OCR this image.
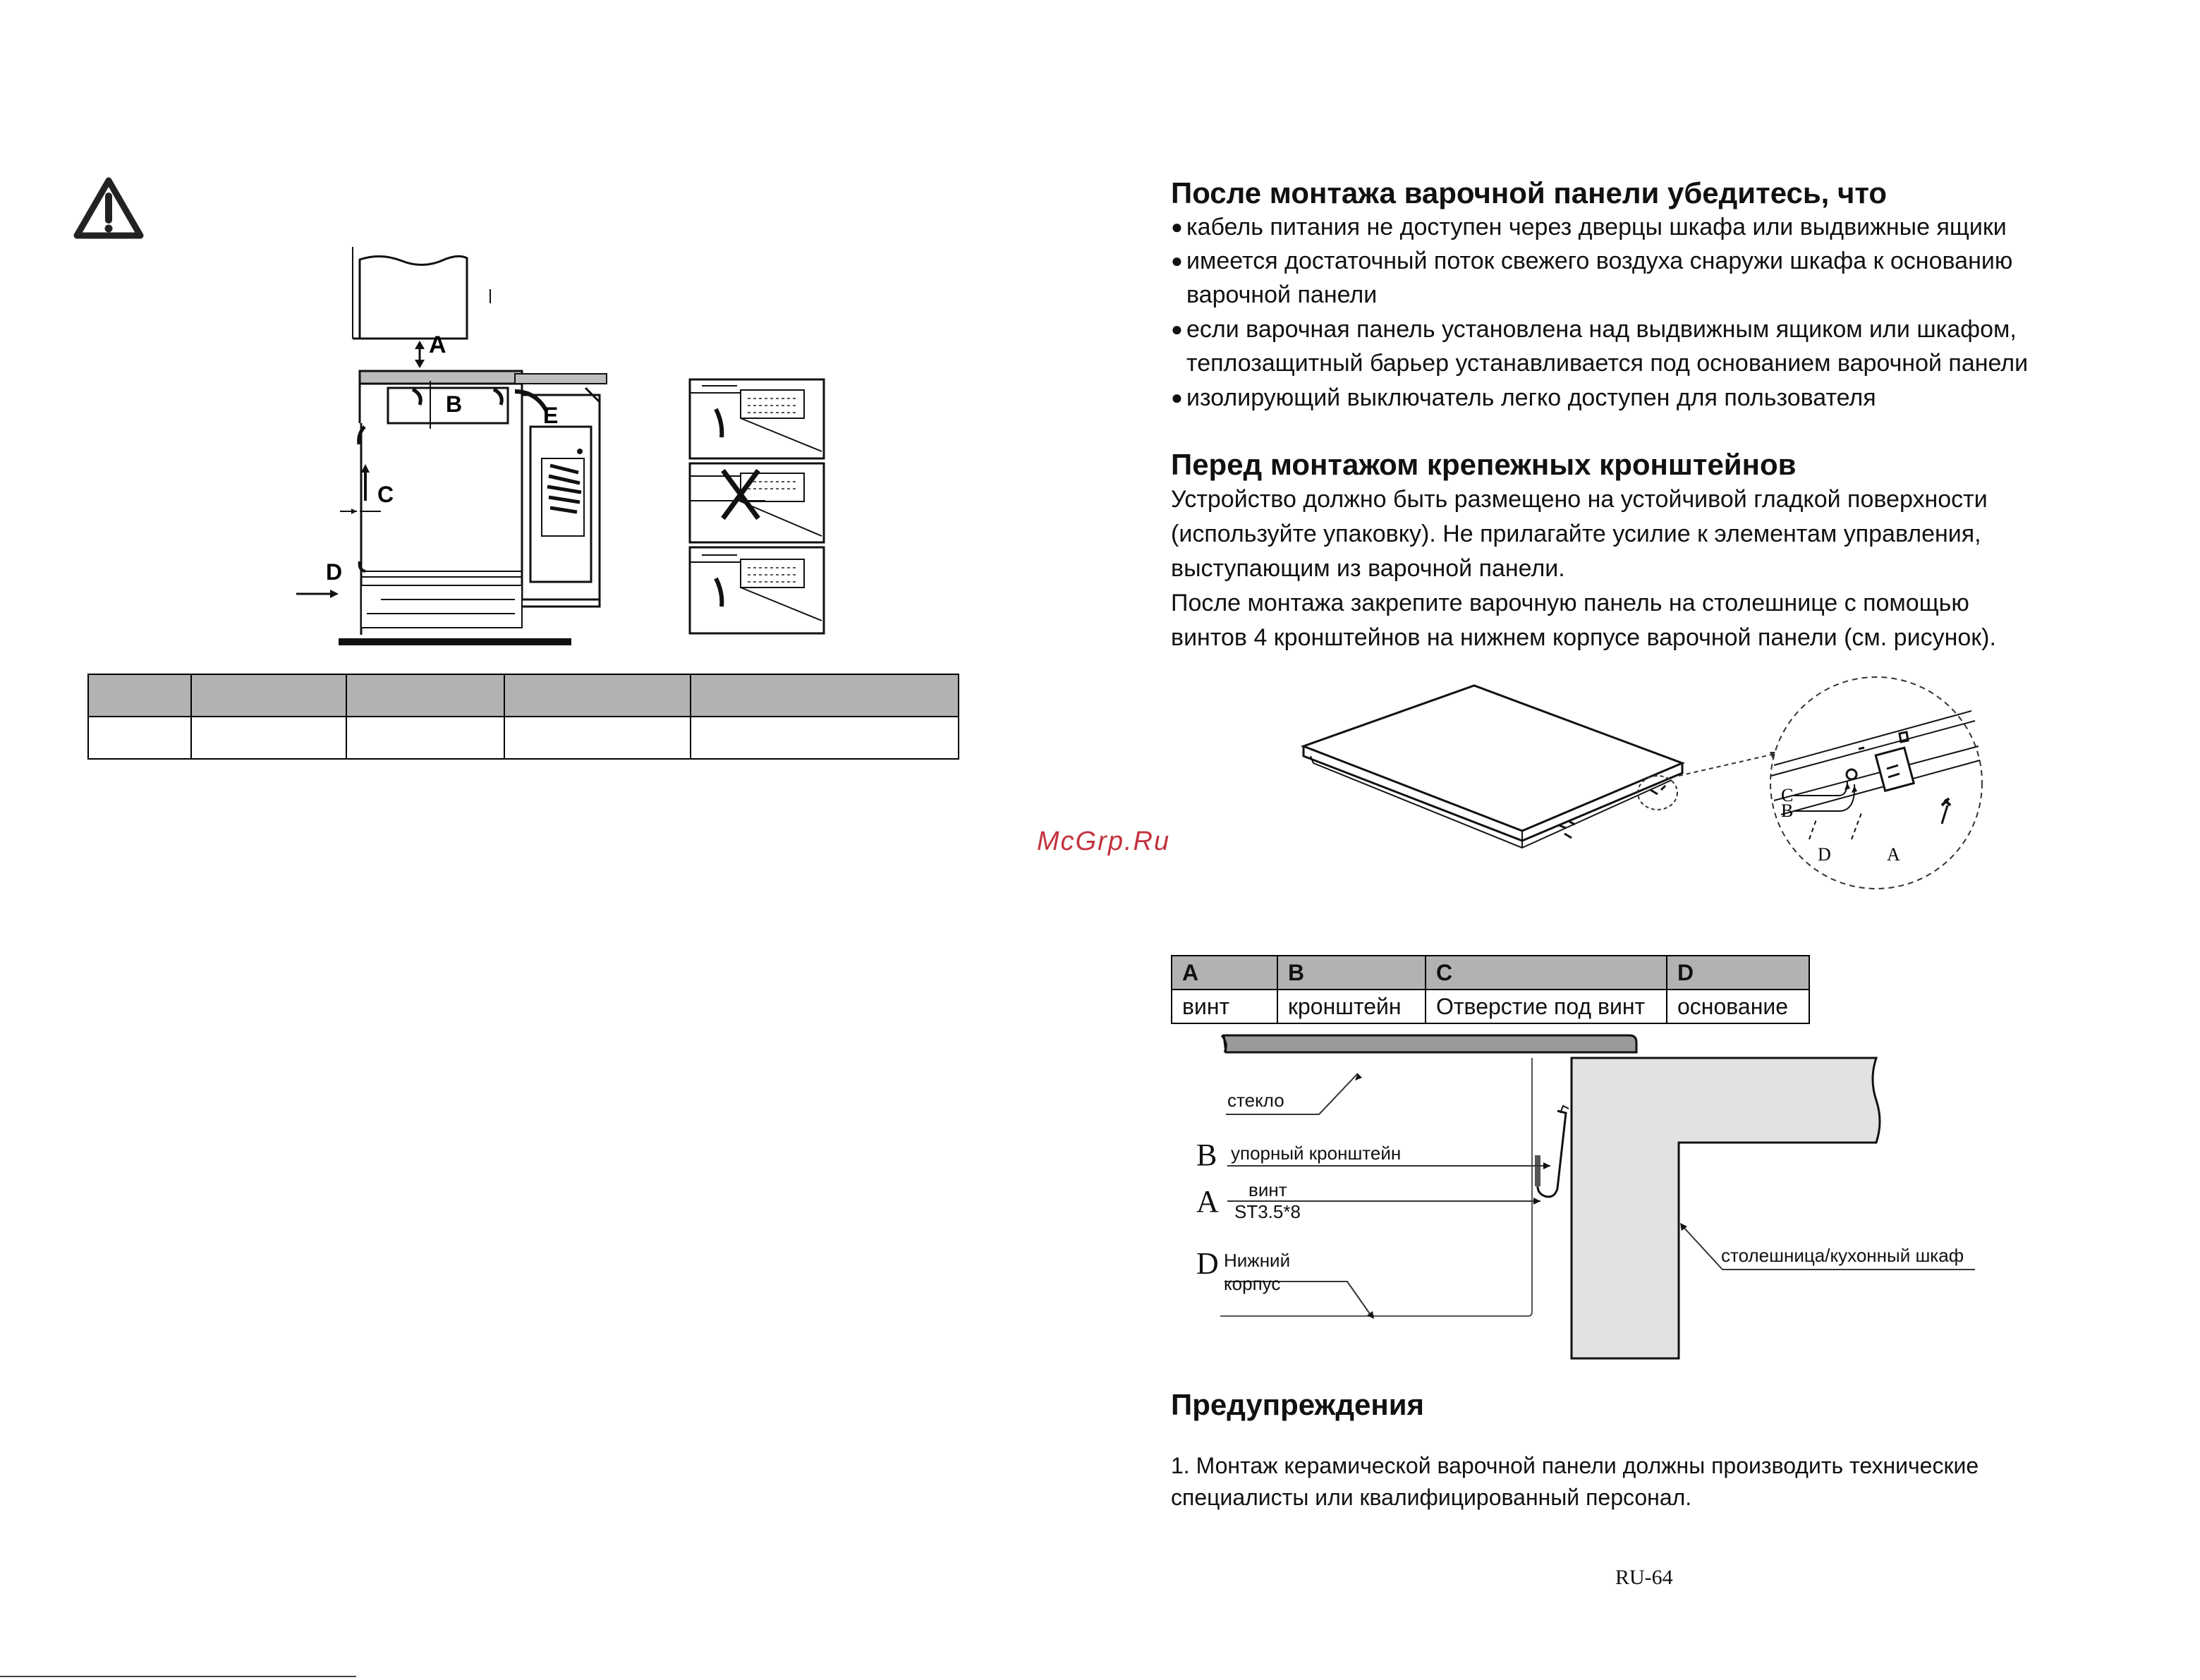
A
B
C
D
E

McGrp.Ru
После монтажа варочной панели убедитесь, что
● кабель питания не доступен через дверцы шкафа или выдвижные ящики
● имеется достаточный поток свежего воздуха снаружи шкафа к основанию
варочной панели
● если варочная панель установлена над выдвижным ящиком или шкафом,
теплозащитный барьер устанавливается под основанием варочной панели
● изолирующий выключатель легко доступен для пользователя
Перед монтажом крепежных кронштейнов
Устройство должно быть размещено на устойчивой гладкой поверхности
(используйте упаковку). Не прилагайте усилие к элементам управления,
выступающим из варочной панели.
После монтажа закрепите варочную панель на столешнице с помощью
винтов 4 кронштейнов на нижнем корпусе варочной панели (см. рисунок).
C
B
D	A
A	B	C	D
винт	кронштейн	Отверстие под винт	основание
стекло
B упорный кронштейн
A винт
ST3.5*8
D Нижний
корпус
столешница/кухонный шкаф
Предупреждения
1. Монтаж керамической варочной панели должны производить технические
специалисты или квалифицированный персонал.
RU-64
